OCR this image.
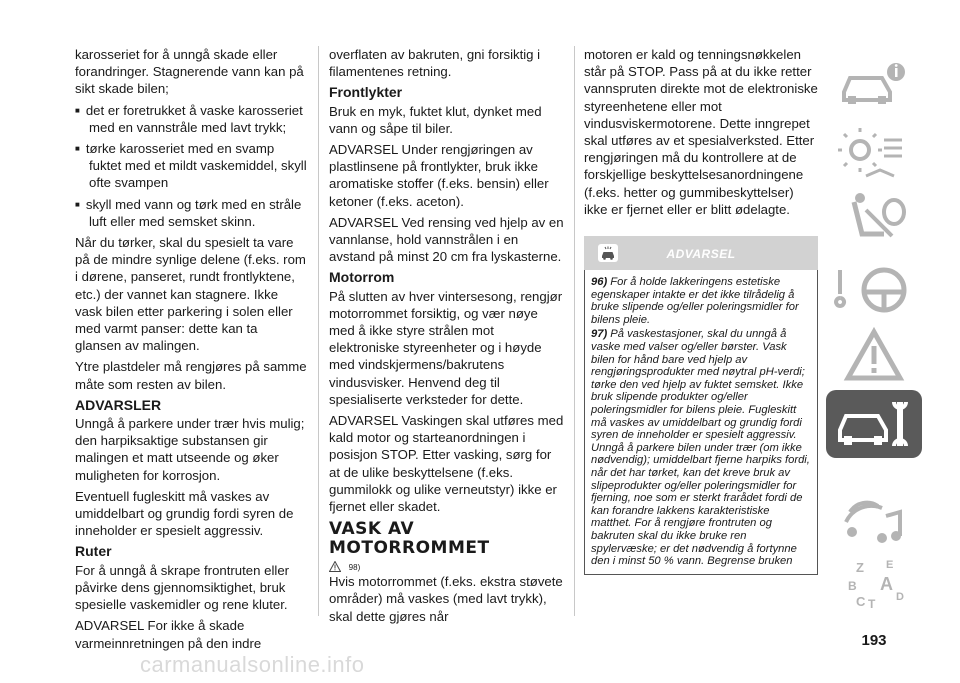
karosseriet for å unngå skade eller forandringer. Stagnerende vann kan på sikt skade bilen;

■ det er foretrukket å vaske karosseriet med en vannstråle med lavt trykk;

■ tørke karosseriet med en svamp fuktet med et mildt vaskemiddel, skyll ofte svampen

■ skyll med vann og tørk med en stråle luft eller med semsket skinn.

Når du tørker, skal du spesielt ta vare på de mindre synlige delene (f.eks. rom i dørene, panseret, rundt frontlyktene, etc.) der vannet kan stagnere. Ikke vask bilen etter parkering i solen eller med varmt panser: dette kan ta glansen av malingen.

Ytre plastdeler må rengjøres på samme måte som resten av bilen.

ADVARSLER

Unngå å parkere under trær hvis mulig; den harpiksaktige substansen gir malingen et matt utseende og øker muligheten for korrosjon.

Eventuell fugleskitt må vaskes av umiddelbart og grundig fordi syren de inneholder er spesielt aggressiv.

Ruter

For å unngå å skrape frontruten eller påvirke dens gjennomsiktighet, bruk spesielle vaskemidler og rene kluter.

ADVARSEL For ikke å skade varmeinnretningen på den indre

overflaten av bakruten, gni forsiktig i filamentenes retning.

Frontlykter

Bruk en myk, fuktet klut, dynket med vann og såpe til biler.

ADVARSEL Under rengjøringen av plastlinsene på frontlykter, bruk ikke aromatiske stoffer (f.eks. bensin) eller ketoner (f.eks. aceton).

ADVARSEL Ved rensing ved hjelp av en vannlanse, hold vannstrålen i en avstand på minst 20 cm fra lyskasterne.

Motorrom

På slutten av hver vintersesong, rengjør motorrommet forsiktig, og vær nøye med å ikke styre strålen mot elektroniske styreenheter og i høyde med vindskjermens/bakrutens vindusvisker. Henvend deg til spesialiserte verksteder for dette.

ADVARSEL Vaskingen skal utføres med kald motor og starteanordningen i posisjon STOP. Etter vasking, sørg for at de ulike beskyttelsene (f.eks. gummilokk og ulike verneutstyr) ikke er fjernet eller skadet.

VASK AV
MOTORROMMET
$^{98)}$

Hvis motorrommet (f.eks. ekstra støvete områder) må vaskes (med lavt trykk), skal dette gjøres når

motoren er kald og tenningsnøkkelen står på STOP. Pass på at du ikke retter vannspruten direkte mot de elektroniske styreenhetene eller mot vindusviskermotorene. Dette inngrepet skal utføres av et spesialverksted. Etter rengjøringen må du kontrollere at de forskjellige beskyttelsesanordningene (f.eks. hetter og gummibeskyttelser) ikke er fjernet eller er blitt ødelagte.

ADVARSEL

96) For å holde lakkeringens estetiske egenskaper intakte er det ikke tilrådelig å bruke slipende og/eller poleringsmidler for bilens pleie.

97) På vaskestasjoner, skal du unngå å vaske med valser og/eller børster. Vask bilen for hånd bare ved hjelp av rengjøringsprodukter med nøytral pH-verdi; tørke den ved hjelp av fuktet semsket. Ikke bruk slipende produkter og/eller poleringsmidler for bilens pleie. Fugleskitt må vaskes av umiddelbart og grundig fordi syren de inneholder er spesielt aggressiv. Unngå å parkere bilen under trær (om ikke nødvendig); umiddelbart fjerne harpiks fordi, når det har tørket, kan det kreve bruk av slipeprodukter og/eller poleringsmidler for fjerning, noe som er sterkt frarådet fordi de kan forandre lakkens karakteristiske matthet. For å rengjøre frontruten og bakruten skal du ikke bruke ren spylervæske; er det nødvendig å fortynne den i minst 50 % vann. Begrense bruken	Z E
B A
C T D
193
carmanualsonline.info
